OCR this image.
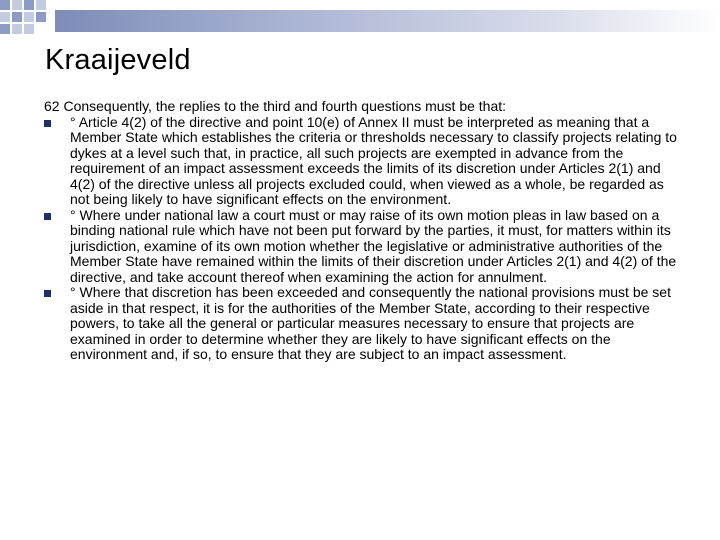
Kraaijeveld

62 Consequently, the replies to the third and fourth questions must be that:

° Article 4(2) of the directive and point 10(e) of Annex II must be interpreted as meaning that a Member State which establishes the criteria or thresholds necessary to classify projects relating to dykes at a level such that, in practice, all such projects are exempted in advance from the requirement of an impact assessment exceeds the limits of its discretion under Articles 2(1) and 4(2) of the directive unless all projects excluded could, when viewed as a whole, be regarded as not being likely to have significant effects on the environment.
° Where under national law a court must or may raise of its own motion pleas in law based on a binding national rule which have not been put forward by the parties, it must, for matters within its jurisdiction, examine of its own motion whether the legislative or administrative authorities of the Member State have remained within the limits of their discretion under Articles 2(1) and 4(2) of the directive, and take account thereof when examining the action for annulment.
° Where that discretion has been exceeded and consequently the national provisions must be set aside in that respect, it is for the authorities of the Member State, according to their respective powers, to take all the general or particular measures necessary to ensure that projects are examined in order to determine whether they are likely to have significant effects on the environment and, if so, to ensure that they are subject to an impact assessment.
